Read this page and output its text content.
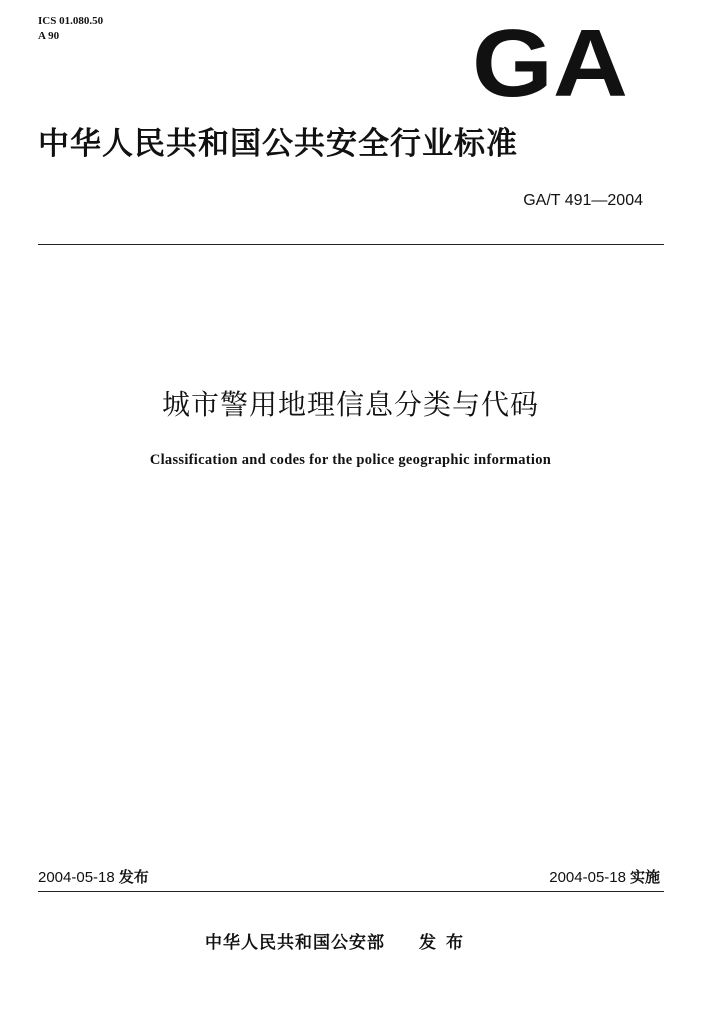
ICS 01.080.50
A 90	GA
中华人民共和国公共安全行业标准
GA/T 491—2004
城市警用地理信息分类与代码
Classification and codes for the police geographic information
2004-05-18 发布	2004-05-18 实施
中华人民共和国公安部 发布
